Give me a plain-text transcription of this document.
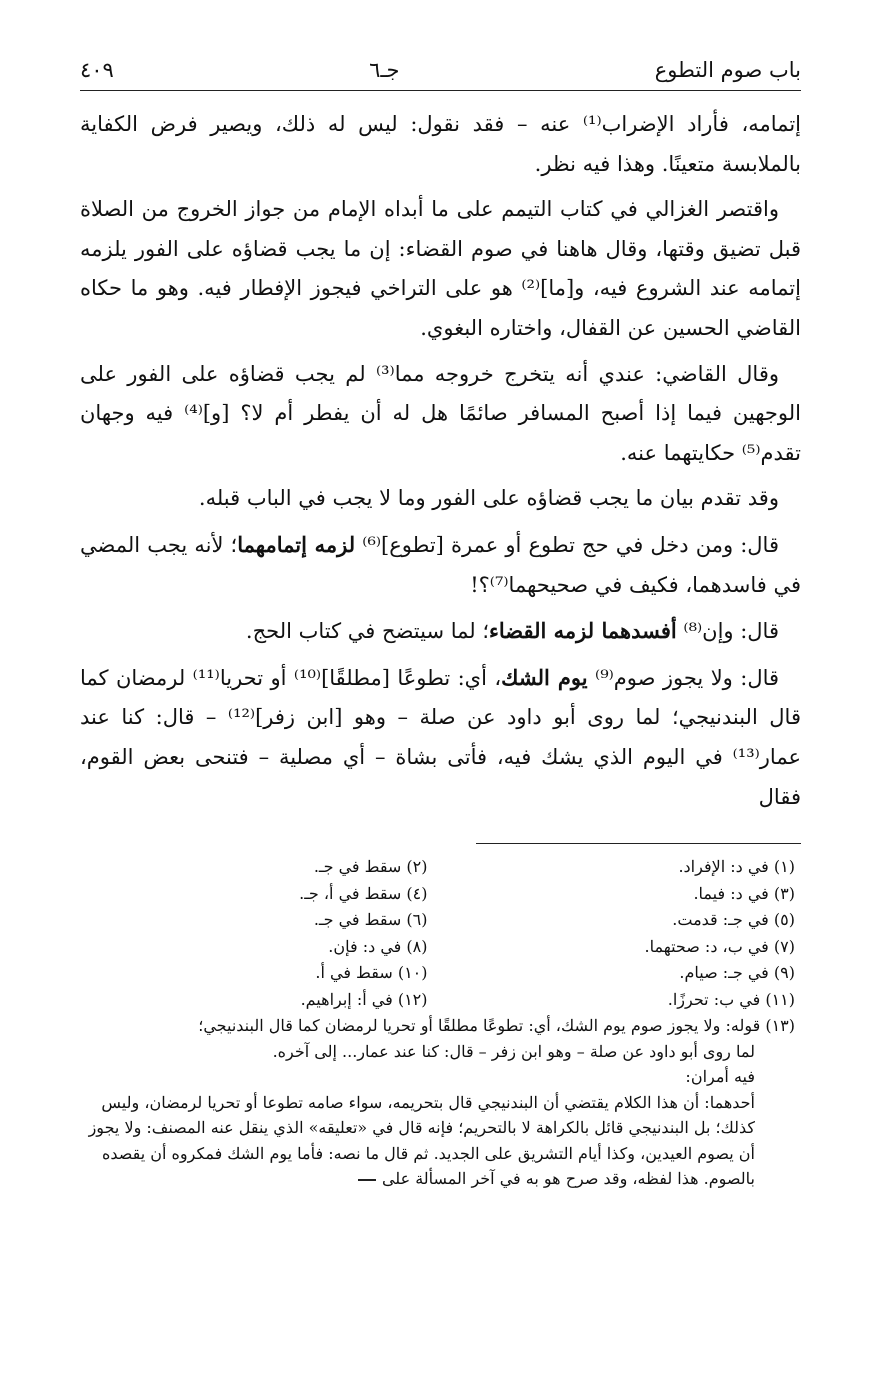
باب صوم التطوع
جـ٦
٤٠٩

إتمامه، فأراد الإضراب⁽¹⁾ عنه – فقد نقول: ليس له ذلك، ويصير فرض الكفاية بالملابسة متعينًا. وهذا فيه نظر.

واقتصر الغزالي في كتاب التيمم على ما أبداه الإمام من جواز الخروج من الصلاة قبل تضيق وقتها، وقال هاهنا في صوم القضاء: إن ما يجب قضاؤه على الفور يلزمه إتمامه عند الشروع فيه، و[ما]⁽²⁾ هو على التراخي فيجوز الإفطار فيه. وهو ما حكاه القاضي الحسين عن القفال، واختاره البغوي.

وقال القاضي: عندي أنه يتخرج خروجه مما⁽³⁾ لم يجب قضاؤه على الفور على الوجهين فيما إذا أصبح المسافر صائمًا هل له أن يفطر أم لا؟ [و]⁽⁴⁾ فيه وجهان تقدم⁽⁵⁾ حكايتهما عنه.

وقد تقدم بيان ما يجب قضاؤه على الفور وما لا يجب في الباب قبله.

قال: ومن دخل في حج تطوع أو عمرة [تطوع]⁽⁶⁾ لزمه إتمامهما؛ لأنه يجب المضي في فاسدهما، فكيف في صحيحهما⁽⁷⁾؟!

قال: وإن⁽⁸⁾ أفسدهما لزمه القضاء؛ لما سيتضح في كتاب الحج.

قال: ولا يجوز صوم⁽⁹⁾ يوم الشك، أي: تطوعًا [مطلقًا]⁽¹⁰⁾ أو تحريا⁽¹¹⁾ لرمضان كما قال البندنيجي؛ لما روى أبو داود عن صلة – وهو [ابن زفر]⁽¹²⁾ – قال: كنا عند عمار⁽¹³⁾ في اليوم الذي يشك فيه، فأتى بشاة – أي مصلية – فتنحى بعض القوم، فقال

(١) في د: الإفراد.
(٢) سقط في جـ.
(٣) في د: فيما.
(٤) سقط في أ، جـ.
(٥) في جـ: قدمت.
(٦) سقط في جـ.
(٧) في ب، د: صحتهما.
(٨) في د: فإن.
(٩) في جـ: صيام.
(١٠) سقط في أ.
(١١) في ب: تحرزًا.
(١٢) في أ: إبراهيم.
(١٣) قوله: ولا يجوز صوم يوم الشك، أي: تطوعًا مطلقًا أو تحريا لرمضان كما قال البندنيجي؛
لما روى أبو داود عن صلة – وهو ابن زفر – قال: كنا عند عمار... إلى آخره.
فيه أمران:
أحدهما: أن هذا الكلام يقتضي أن البندنيجي قال بتحريمه، سواء صامه تطوعا أو تحريا لرمضان، وليس كذلك؛ بل البندنيجي قائل بالكراهة لا بالتحريم؛ فإنه قال في «تعليقه» الذي ينقل عنه المصنف: ولا يجوز أن يصوم العيدين، وكذا أيام التشريق على الجديد. ثم قال ما نصه: فأما يوم الشك فمكروه أن يقصده بالصوم. هذا لفظه، وقد صرح هو به في آخر المسألة على
